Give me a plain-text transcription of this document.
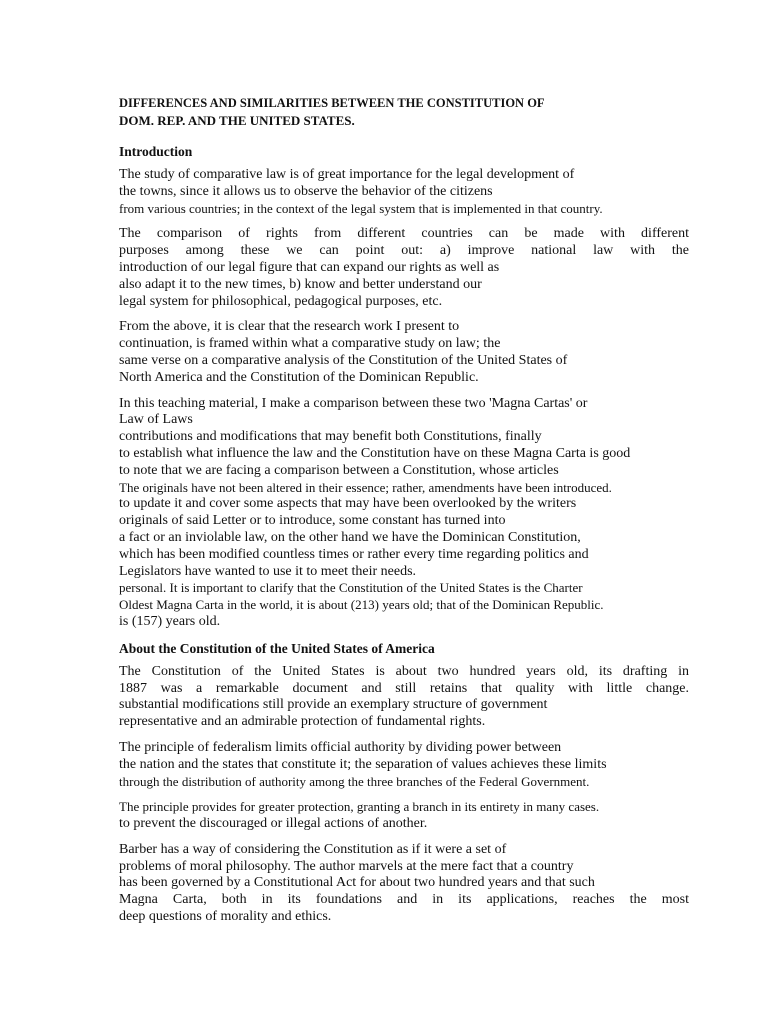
DIFFERENCES AND SIMILARITIES BETWEEN THE CONSTITUTION OF
DOM. REP. AND THE UNITED STATES.
Introduction
The study of comparative law is of great importance for the legal development of
the towns, since it allows us to observe the behavior of the citizens
from various countries; in the context of the legal system that is implemented in that country.
The comparison of rights from different countries can be made with different
purposes among these we can point out: a) improve national law with the
introduction of our legal figure that can expand our rights as well as
also adapt it to the new times, b) know and better understand our
legal system for philosophical, pedagogical purposes, etc.
From the above, it is clear that the research work I present to
continuation, is framed within what a comparative study on law; the
same verse on a comparative analysis of the Constitution of the United States of
North America and the Constitution of the Dominican Republic.
In this teaching material, I make a comparison between these two 'Magna Cartas' or
Law of Laws
contributions and modifications that may benefit both Constitutions, finally
to establish what influence the law and the Constitution have on these Magna Carta is good
to note that we are facing a comparison between a Constitution, whose articles
The originals have not been altered in their essence; rather, amendments have been introduced.
to update it and cover some aspects that may have been overlooked by the writers
originals of said Letter or to introduce, some constant has turned into
a fact or an inviolable law, on the other hand we have the Dominican Constitution,
which has been modified countless times or rather every time regarding politics and
Legislators have wanted to use it to meet their needs.
personal. It is important to clarify that the Constitution of the United States is the Charter
Oldest Magna Carta in the world, it is about (213) years old; that of the Dominican Republic.
is (157) years old.
About the Constitution of the United States of America
The Constitution of the United States is about two hundred years old, its drafting in
1887 was a remarkable document and still retains that quality with little change.
substantial modifications still provide an exemplary structure of government
representative and an admirable protection of fundamental rights.
The principle of federalism limits official authority by dividing power between
the nation and the states that constitute it; the separation of values achieves these limits
through the distribution of authority among the three branches of the Federal Government.
The principle provides for greater protection, granting a branch in its entirety in many cases.
to prevent the discouraged or illegal actions of another.
Barber has a way of considering the Constitution as if it were a set of
problems of moral philosophy. The author marvels at the mere fact that a country
has been governed by a Constitutional Act for about two hundred years and that such
Magna Carta, both in its foundations and in its applications, reaches the most
deep questions of morality and ethics.
